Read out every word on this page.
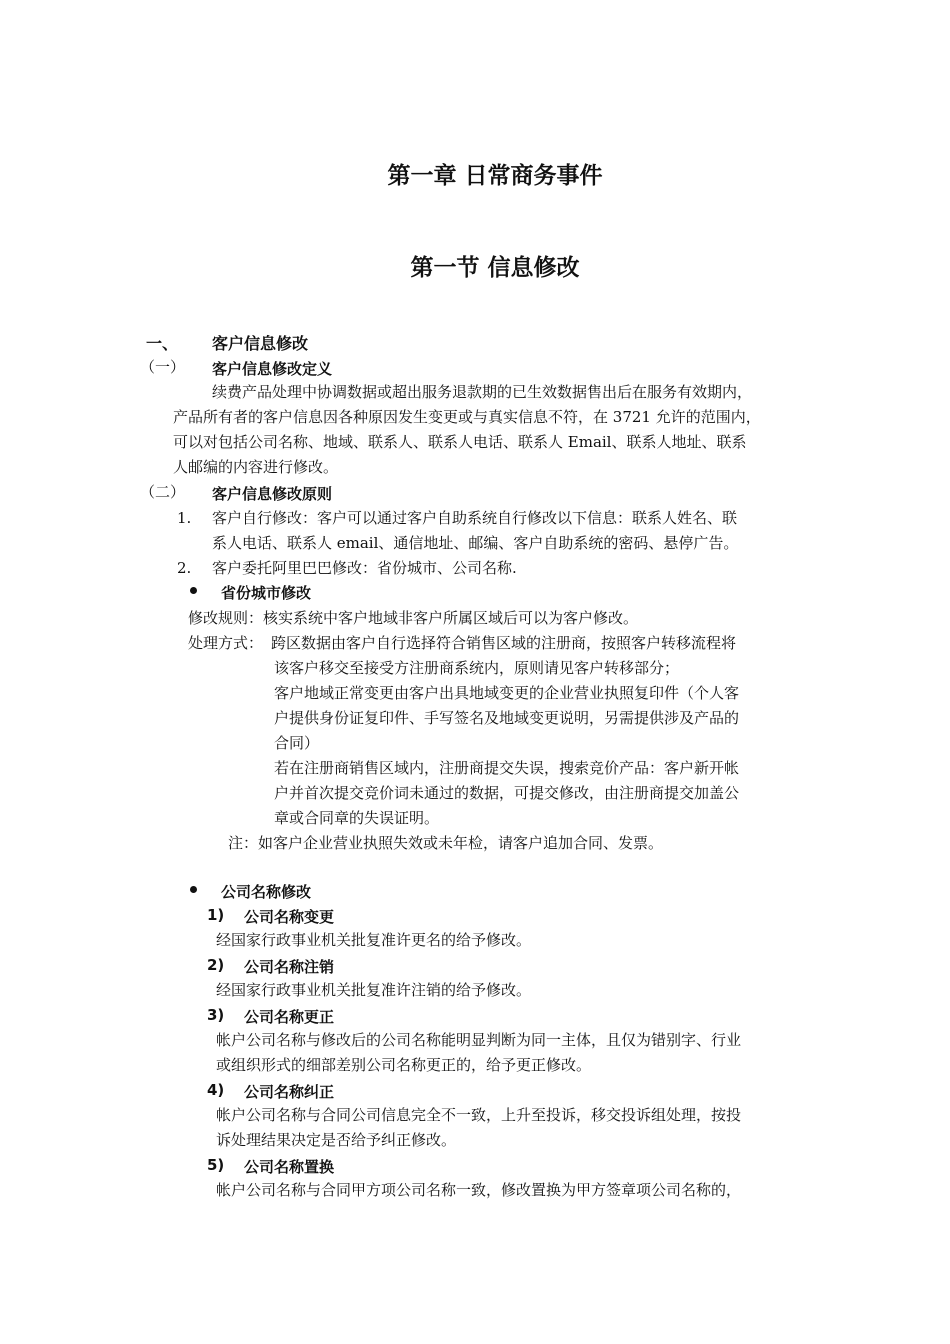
第一章 日常商务事件
第一节 信息修改
一、 客户信息修改
（一） 客户信息修改定义
续费产品处理中协调数据或超出服务退款期的已生效数据售出后在服务有效期内，
产品所有者的客户信息因各种原因发生变更或与真实信息不符，在 3721 允许的范围内，
可以对包括公司名称、地域、联系人、联系人电话、联系人 Email、联系人地址、联系
人邮编的内容进行修改。
（二） 客户信息修改原则
1. 客户自行修改：客户可以通过客户自助系统自行修改以下信息：联系人姓名、联
系人电话、联系人 email、通信地址、邮编、客户自助系统的密码、悬停广告。
2. 客户委托阿里巴巴修改：省份城市、公司名称.
省份城市修改
修改规则：核实系统中客户地域非客户所属区域后可以为客户修改。
处理方式： 跨区数据由客户自行选择符合销售区域的注册商，按照客户转移流程将
该客户移交至接受方注册商系统内，原则请见客户转移部分；
客户地域正常变更由客户出具地域变更的企业营业执照复印件（个人客
户提供身份证复印件、手写签名及地域变更说明，另需提供涉及产品的
合同）
若在注册商销售区域内，注册商提交失误，搜索竞价产品：客户新开帐
户并首次提交竞价词未通过的数据，可提交修改，由注册商提交加盖公
章或合同章的失误证明。
注：如客户企业营业执照失效或未年检，请客户追加合同、发票。
公司名称修改
1) 公司名称变更
经国家行政事业机关批复准许更名的给予修改。
2) 公司名称注销
经国家行政事业机关批复准许注销的给予修改。
3) 公司名称更正
帐户公司名称与修改后的公司名称能明显判断为同一主体，且仅为错别字、行业
或组织形式的细部差别公司名称更正的，给予更正修改。
4) 公司名称纠正
帐户公司名称与合同公司信息完全不一致，上升至投诉，移交投诉组处理，按投
诉处理结果决定是否给予纠正修改。
5) 公司名称置换
帐户公司名称与合同甲方项公司名称一致，修改置换为甲方签章项公司名称的，
